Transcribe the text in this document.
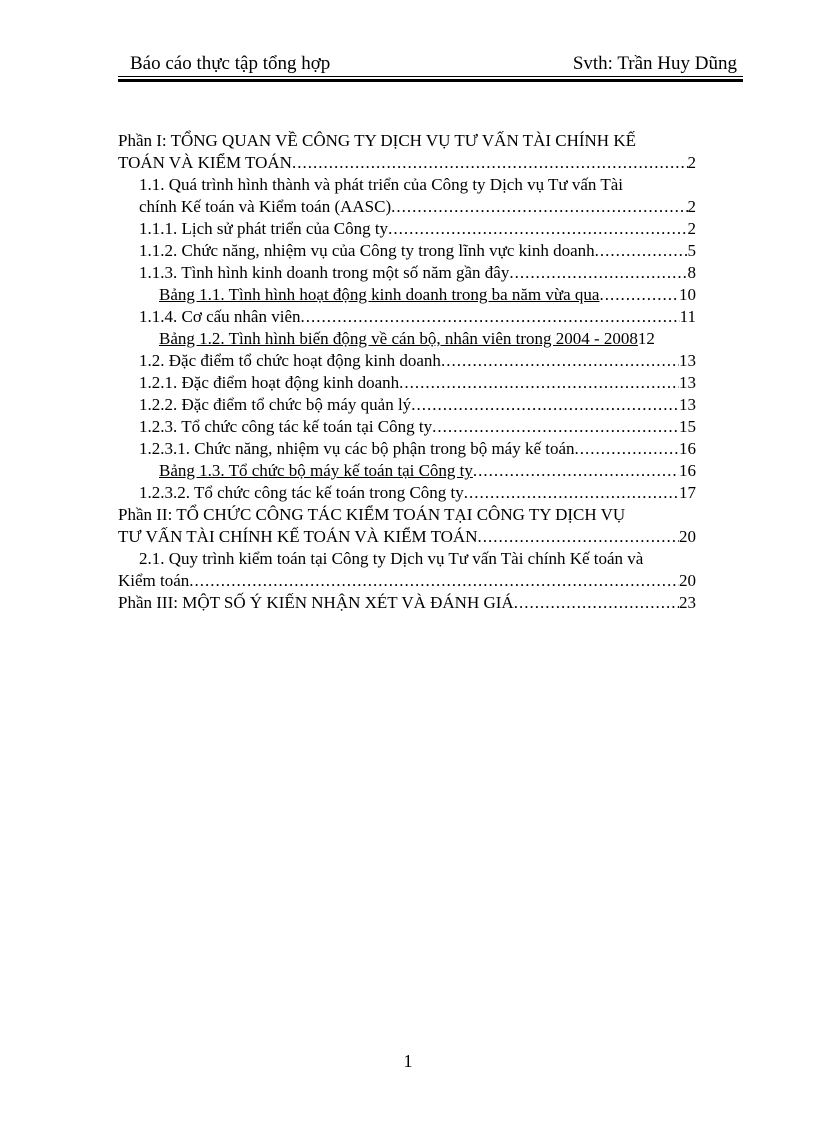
Báo cáo thực tập tổng hợp	Svth: Trần Huy Dũng
Phần I: TỔNG QUAN VỀ CÔNG TY DỊCH VỤ TƯ VẤN TÀI CHÍNH KẾ
TOÁN VÀ KIỂM TOÁN .....	2
1.1. Quá trình hình thành và phát triển của Công ty Dịch vụ Tư vấn Tài
chính Kế toán và Kiểm toán (AASC) .....	2
1.1.1. Lịch sử phát triển của Công ty .....	2
1.1.2. Chức năng, nhiệm vụ của Công ty trong lĩnh vực kinh doanh .....	5
1.1.3. Tình hình kinh doanh trong một số năm gần đây .....	8
Bảng 1.1. Tình hình hoạt động kinh doanh trong ba năm vừa qua .....	10
1.1.4. Cơ cấu nhân viên .....	11
Bảng 1.2. Tình hình biến động về cán bộ, nhân viên trong 2004 - 2008 12
1.2. Đặc điểm tổ chức hoạt động kinh doanh .....	13
1.2.1. Đặc điểm hoạt động kinh doanh .....	13
1.2.2. Đặc điểm tổ chức bộ máy quản lý .....	13
1.2.3. Tổ chức công tác kế toán tại Công ty .....	15
1.2.3.1. Chức năng, nhiệm vụ các bộ phận trong bộ máy kế toán .....	16
Bảng 1.3. Tổ chức bộ máy kế toán tại Công ty .....	16
1.2.3.2. Tổ chức công tác kế toán trong Công ty .....	17
Phần II: TỔ CHỨC CÔNG TÁC KIỂM TOÁN TẠI CÔNG TY DỊCH VỤ
TƯ VẤN TÀI CHÍNH KẾ TOÁN VÀ KIỂM TOÁN .....	20
2.1. Quy trình kiểm toán tại Công ty Dịch vụ Tư vấn Tài chính Kế toán và
Kiểm toán .....	20
Phần III: MỘT SỐ Ý KIẾN NHẬN XÉT VÀ ĐÁNH GIÁ .....	23
1
